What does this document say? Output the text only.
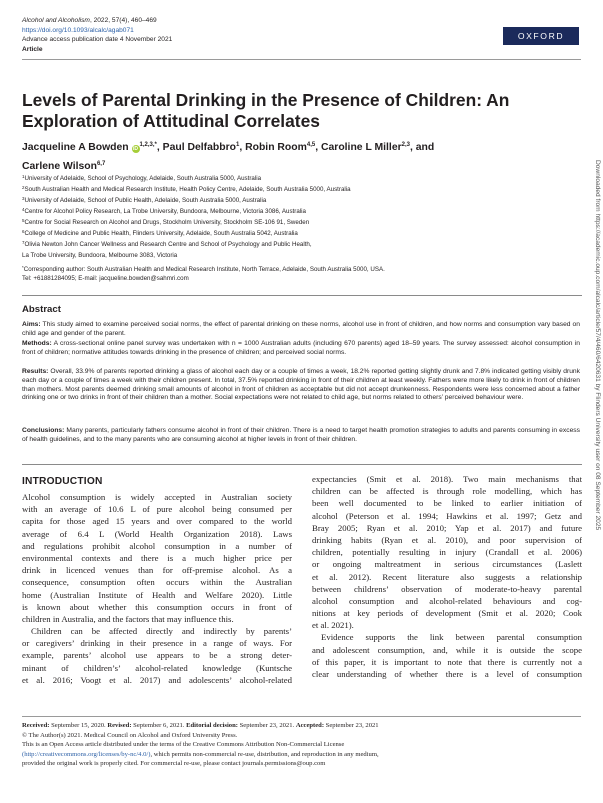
Alcohol and Alcoholism, 2022, 57(4), 460–469
https://doi.org/10.1093/alcalc/agab071
Advance access publication date 4 November 2021
Article
OXFORD
Levels of Parental Drinking in the Presence of Children: An Exploration of Attitudinal Correlates
Jacqueline A Bowden $iD^{1,2,3,*}$, Paul Delfabbro$^1$, Robin Room$^{4,5}$, Caroline L Miller$^{2,3}$, and
Carlene Wilson$^{6,7}$
$^1$University of Adelaide, School of Psychology, Adelaide, South Australia 5000, Australia
$^2$South Australian Health and Medical Research Institute, Health Policy Centre, Adelaide, South Australia 5000, Australia
$^3$University of Adelaide, School of Public Health, Adelaide, South Australia 5000, Australia
$^4$Centre for Alcohol Policy Research, La Trobe University, Bundoora, Melbourne, Victoria 3086, Australia
$^5$Centre for Social Research on Alcohol and Drugs, Stockholm University, Stockholm SE-106 91, Sweden
$^6$College of Medicine and Public Health, Flinders University, Adelaide, South Australia 5042, Australia
$^7$Olivia Newton John Cancer Wellness and Research Centre and School of Psychology and Public Health,
La Trobe University, Bundoora, Melbourne 3083, Victoria
*Corresponding author: South Australian Health and Medical Research Institute, North Terrace, Adelaide, South Australia 5000, USA.
Tel: +61881284095; E-mail: jacqueline.bowden@sahmri.com
Abstract
Aims: This study aimed to examine perceived social norms, the effect of parental drinking on these norms, alcohol use in front of children, and how norms and consumption vary based on child age and gender of the parent.
Methods: A cross-sectional online panel survey was undertaken with n = 1000 Australian adults (including 670 parents) aged 18–59 years. The survey assessed: alcohol consumption in front of children; normative attitudes towards drinking in the presence of children; and perceived social norms.
Results: Overall, 33.9% of parents reported drinking a glass of alcohol each day or a couple of times a week, 18.2% reported getting slightly drunk and 7.8% indicated getting visibly drunk each day or a couple of times a week with their children present. In total, 37.5% reported drinking in front of their children at least weekly. Fathers were more likely to drink in front of children than mothers. Most parents deemed drinking small amounts of alcohol in front of children as acceptable but did not accept drunkenness. Respondents were less concerned about a father drinking one or two drinks in front of their children than a mother. Social expectations were not related to child age, but norms related to others’ perceived behaviour were.
Conclusions: Many parents, particularly fathers consume alcohol in front of their children. There is a need to target health promotion strategies to adults and parents consuming in excess of health guidelines, and to the many parents who are consuming alcohol at higher levels in front of their children.
INTRODUCTION
Alcohol consumption is widely accepted in Australian society
with an average of 10.6 L of pure alcohol being consumed per
capita for those aged 15 years and over compared to the world
average of 6.4 L (World Health Organization 2018). Laws
and regulations prohibit alcohol consumption in a number of
environmental contexts and there is a much higher price per
drink in licenced venues than for off-premise alcohol. As a
consequence, consumption often occurs within the Australian
home (Australian Institute of Health and Welfare 2020). Little
is known about whether this consumption occurs in front of
children in Australia, and the factors that may influence this.
Children can be affected directly and indirectly by parents’
or caregivers’ drinking in their presence in a range of ways. For
example, parents’ alcohol use appears to be a strong deter-
minant of children’s’ alcohol-related knowledge (Kuntsche
et al. 2016; Voogt et al. 2017) and adolescents’ alcohol-related
expectancies (Smit et al. 2018). Two main mechanisms that
children can be affected is through role modelling, which has
been well documented to be linked to earlier initiation of
alcohol (Peterson et al. 1994; Hawkins et al. 1997; Getz and
Bray 2005; Ryan et al. 2010; Yap et al. 2017) and future
drinking habits (Ryan et al. 2010), and poor supervision of
children, potentially resulting in injury (Crandall et al. 2006)
or ongoing maltreatment in serious circumstances (Laslett
et al. 2012). Recent literature also suggests a relationship
between childrens’ observation of moderate-to-heavy parental
alcohol consumption and alcohol-related behaviours and cog-
nitions at key periods of development (Smit et al. 2020; Cook
et al. 2021).
Evidence supports the link between parental consumption
and adolescent consumption, and, while it is outside the scope
of this paper, it is important to note that there is currently not a
clear understanding of whether there is a level of consumption
Received: September 15, 2020. Revised: September 6, 2021. Editorial decision: September 23, 2021. Accepted: September 23, 2021
© The Author(s) 2021. Medical Council on Alcohol and Oxford University Press.
This is an Open Access article distributed under the terms of the Creative Commons Attribution Non-Commercial License
(http://creativecommons.org/licenses/by-nc/4.0/), which permits non-commercial re-use, distribution, and reproduction in any medium,
provided the original work is properly cited. For commercial re-use, please contact journals.permissions@oup.com
Downloaded from https://academic.oup.com/alcalc/article/57/4/460/6420631 by Flinders University user on 08 September 2025
